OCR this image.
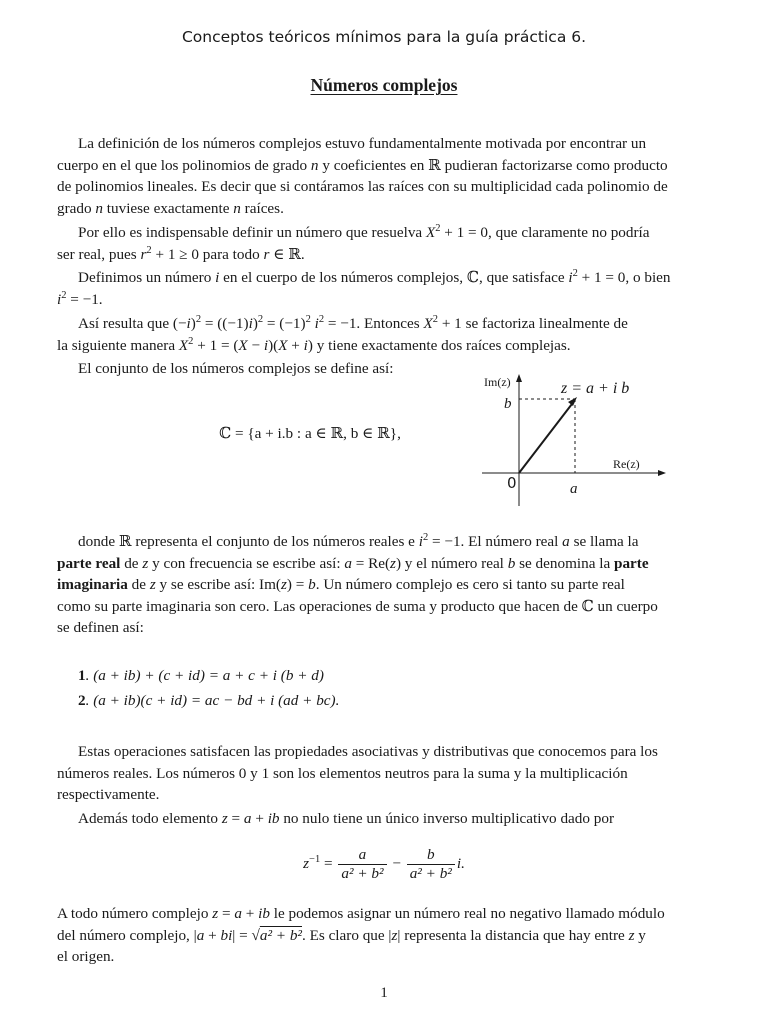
Conceptos teóricos mínimos para la guía práctica 6.
Números complejos

La definición de los números complejos estuvo fundamentalmente motivada por encontrar un

cuerpo en el que los polinomios de grado n y coeficientes en ℝ pudieran factorizarse como producto

de polinomios lineales. Es decir que si contáramos las raíces con su multiplicidad cada polinomio de

grado n tuviese exactamente n raíces.

Por ello es indispensable definir un número que resuelva $X^2 + 1 = 0$, que claramente no podría

ser real, pues $r^2 + 1 \ge 0$ para todo r ∈ ℝ.

Definimos un número i en el cuerpo de los números complejos, ℂ, que satisface $i^2 + 1 = 0$, o bien

$i^2 = -1$.

Así resulta que $(-i)^2 = ((-1)i)^2 = (-1)^2$ $i^2 = -1$. Entonces $X^2 + 1$ se factoriza linealmente de

la siguiente manera $X^2 + 1 = (X - i)(X + i)$ y tiene exactamente dos raíces complejas.

El conjunto de los números complejos se define así:

ℂ = {a + i.b : a ∈ ℝ, b ∈ ℝ},
Im(z)
Re(z)
z = a + i b
b
a
0

donde ℝ representa el conjunto de los números reales e $i^2 = -1$. El número real a se llama la

parte real de z y con frecuencia se escribe así: a = Re(z) y el número real b se denomina la parte

imaginaria de z y se escribe así: Im(z) = b. Un número complejo es cero si tanto su parte real

como su parte imaginaria son cero. Las operaciones de suma y producto que hacen de ℂ un cuerpo

se definen así:

1. (a + ib) + (c + id) = a + c + i (b + d)
2. (a + ib)(c + id) = ac − bd + i (ad + bc).

Estas operaciones satisfacen las propiedades asociativas y distributivas que conocemos para los

números reales. Los números 0 y 1 son los elementos neutros para la suma y la multiplicación

respectivamente.

Además todo elemento z = a + ib no nulo tiene un único inverso multiplicativo dado por

$z^{-1} = \frac{a}{\text{a² + b²}} - \frac{b}{\text{a² + b²}} i$.

A todo número complejo z = a + ib le podemos asignar un número real no negativo llamado módulo

del número complejo, |a + bi| = √a² + b². Es claro que |z| representa la distancia que hay entre z y

el origen.

1
